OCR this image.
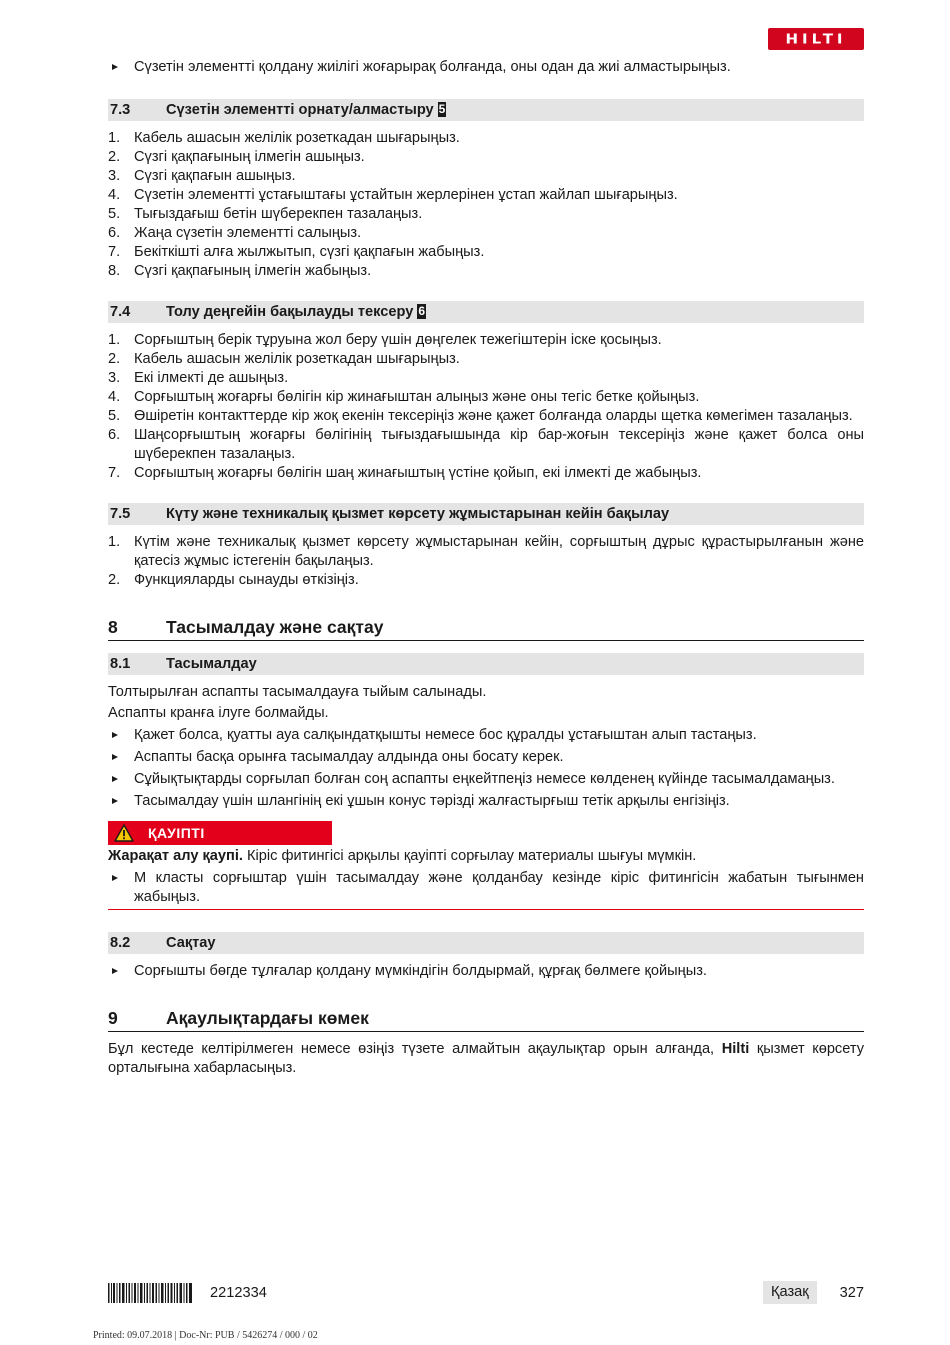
HILTI
Сүзетін элементті қолдану жиілігі жоғарырақ болғанда, оны одан да жиі алмастырыңыз.
7.3	Сүзетін элементті орнату/алмастыру 5
1. Кабель ашасын желілік розеткадан шығарыңыз.
2. Сүзгі қақпағының ілмегін ашыңыз.
3. Сүзгі қақпағын ашыңыз.
4. Сүзетін элементті ұстағыштағы ұстайтын жерлерінен ұстап жайлап шығарыңыз.
5. Тығыздағыш бетін шүберекпен тазалаңыз.
6. Жаңа сүзетін элементті салыңыз.
7. Бекіткішті алға жылжытып, сүзгі қақпағын жабыңыз.
8. Сүзгі қақпағының ілмегін жабыңыз.
7.4	Толу деңгейін бақылауды тексеру 6
1. Сорғыштың берік тұруына жол беру үшін дөңгелек тежегіштерін іске қосыңыз.
2. Кабель ашасын желілік розеткадан шығарыңыз.
3. Екі ілмекті де ашыңыз.
4. Сорғыштың жоғарғы бөлігін кір жинағыштан алыңыз және оны тегіс бетке қойыңыз.
5. Өшіретін контакттерде кір жоқ екенін тексеріңіз және қажет болғанда оларды щетка көмегімен тазалаңыз.
6. Шаңсорғыштың жоғарғы бөлігінің тығыздағышында кір бар-жоғын тексеріңіз және қажет болса оны шүберекпен тазалаңыз.
7. Сорғыштың жоғарғы бөлігін шаң жинағыштың үстіне қойып, екі ілмекті де жабыңыз.
7.5	Күту және техникалық қызмет көрсету жұмыстарынан кейін бақылау
1. Күтім және техникалық қызмет көрсету жұмыстарынан кейін, сорғыштың дұрыс құрастырылғанын және қатесіз жұмыс істегенін бақылаңыз.
2. Функцияларды сынауды өткізіңіз.
8	Тасымалдау және сақтау
8.1	Тасымалдау

Толтырылған аспапты тасымалдауға тыйым салынады.

Аспапты кранға ілуге болмайды.

Қажет болса, қуатты ауа салқындатқышты немесе бос құралды ұстағыштан алып тастаңыз.
Аспапты басқа орынға тасымалдау алдында оны босату керек.
Сұйықтықтарды сорғылап болған соң аспапты еңкейтпеңіз немесе көлденең күйінде тасымалдамаңыз.
Тасымалдау үшін шлангінің екі ұшын конус тәрізді жалғастырғыш тетік арқылы енгізіңіз.
ҚАУІПТІ

Жарақат алу қаупі. Кіріс фитингісі арқылы қауіпті сорғылау материалы шығуы мүмкін.

M класты сорғыштар үшін тасымалдау және қолданбау кезінде кіріс фитингісін жабатын тығынмен жабыңыз.
8.2	Сақтау
Сорғышты бөгде тұлғалар қолдану мүмкіндігін болдырмай, құрғақ бөлмеге қойыңыз.
9	Ақаулықтардағы көмек

Бұл кестеде келтірілмеген немесе өзіңіз түзете алмайтын ақаулықтар орын алғанда, Hilti қызмет көрсету орталығына хабарласыңыз.

2212334	Қазақ	327
Printed: 09.07.2018 | Doc-Nr: PUB / 5426274 / 000 / 02
